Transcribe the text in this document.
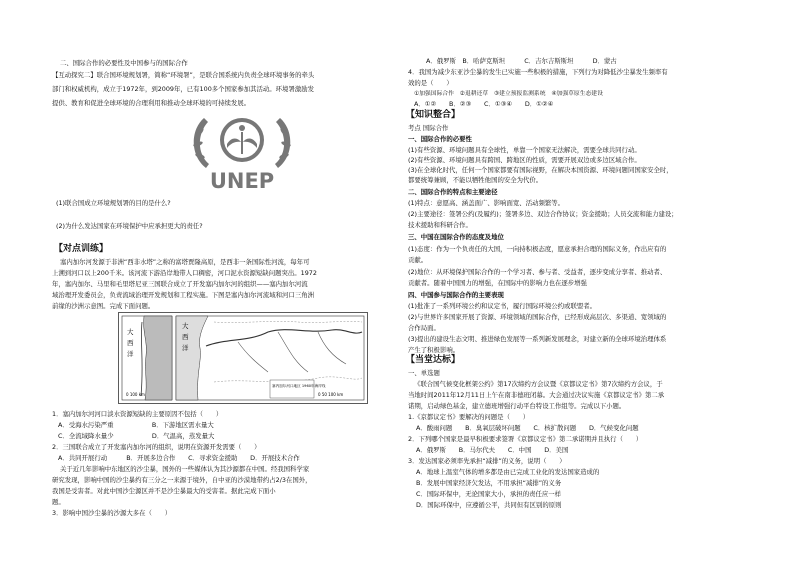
二、国际合作的必要性及中国参与的国际合作
【互动探究二】联合国环境规划署，简称“环境署”，是联合国系统内负责全球环境事务的牵头
部门和权威机构，成立于1972年，到2009年，已有100多个国家参加其活动。环境署激励发
提供、教育和促进全球环境的合理利用和推动全球环境的可持续发展。
UNEP
(1)联合国成立环境规划署的目的是什么?
(2)为什么发达国家在环境保护中应承担更大的责任?
【对点训练】
塞内加尔河发源于非洲“西非水塔”之称的富塔贾隆高原，是西非一条国际性河流，每年可
上溯到河口以上200千米。该河流下游沿岸地带人口稠密，河口泥水资源短缺问题突出。1972
年，塞内加尔、马里和毛里塔尼亚三国联合成立了开发塞内加尔河的组织——塞内加尔河流
域治理开发委员会，负责流域治理开发规划和工程实施。下图是塞内加尔河流域和河口三角洲
前缘的沙洲示意图。完成下面问题。
大
西
洋
0 100 km
大
西
洋
塞内加尔河口地区 1960年海岸线
0 50 100 km
1．塞内加尔河河口淡水资源短缺的主要原因不包括（　　）
A．受海水污染严重　　　　　　B．下游地区需水量大
C．全流域降水量少　　　　　　D．气温高，蒸发量大
2．三国联合成立了开发塞内加尔河的组织，说明在资源开发需要（　　）
A．共同开展行动　　　B．开展多边合作　　C．寻求资金援助　　D．开展技术合作
关于近几年影响中东地区的沙尘暴，国外的一些媒体认为其沙源都在中国。经我国科学家
研究发现，影响中国的沙尘暴约有三分之一来源于境外，自中亚的沙漠地带约占2/3在国外，
我国是受害者。对此中国沙尘源区并不是沙尘暴最大的受害者。据此完成下面小
题。
3．影响中国沙尘暴的沙源大多在（　　）
A．俄罗斯　B．哈萨克斯坦　　　C．吉尔吉斯斯坦　　　D．蒙古
4．我国为减少东亚沙尘暴的发生已实施一些积极的措施，下列行为对降低沙尘暴发生频率有
效的是（　　）
①加强国际合作　②退耕还草　③建立预报监测系统　④加强草原生态建设
A．①②　　B．②③　　C．①③④　　D．①②④
【知识整合】
考点 国际合作
一、国际合作的必要性
(1)有些资源、环境问题具有全球性，单靠一个国家无法解决，需要全球共同行动。
(2)有些资源、环境问题具有跨国、跨地区的性质，需要开展双边或多边区域合作。
(3)在全球化时代，任何一个国家都要有国际视野，在解决本国资源、环境问题同国家安全时，
都要统筹兼顾，不能以牺牲他国的安全为代价。
二、国际合作的特点和主要途径
(1)特点：意愿高、涵盖面广、影响面宽、活动频繁等。
(2)主要途径：签署公约(及履约)；签署多边、双边合作协议；资金援助；人员交流和能力建设；
技术援助和科研合作。
三、中国在国际合作的态度及地位
(1)态度：作为一个负责任的大国，一向持积极态度，愿意承担合理的国际义务，作出应有的
贡献。
(2)地位：从环境保护国际合作的一个学习者、参与者、受益者，逐步变成分享者、推动者、
贡献者。随着中国国力的增强，在国际中的影响力也在逐步增强
四、中国参与国际合作的主要表现
(1)批准了一系列环境公约和议定书，履行国际环境公约或联盟者。
(2)与世界许多国家开展了资源、环境领域的国际合作，已经形成高层次、多渠道、宽领域的
合作局面。
(3)提出的建设生态文明、推进绿色发展等一系列新发展理念，对建立新的全球环境治理体系
产生了积极影响。
【当堂达标】
一、单选题
《联合国气候变化框架公约》第17次缔约方会议暨《京都议定书》第7次缔约方会议，于
当地时间2011年12月11日上午在南非德班闭幕。大会通过决议实施《京都议定书》第二承
诺期，启动绿色基金，建立德班增强行动平台特设工作组等。完成以下小题。
1.《京都议定书》要解决的问题是（　　）
A．酸雨问题　　B．臭氧层破坏问题　　C．核扩散问题　　D．气候变化问题
2．下列哪个国家是最早积极要求签署《京都议定书》第二承诺期并且执行（　　）
A．俄罗斯　　B．马尔代夫　　C．中国　　D．美国
3．发达国家必须率先承担“减排”的义务，说明（　　）
A．地球上温室气体的增多都是由已完成工业化的发达国家造成的
B．发展中国家经济欠发达，不用承担“减排”的义务
C．国际环保中，无论国家大小，承担的责任应一样
D．国际环保中，应遵循公平，共同但有区别的原则
